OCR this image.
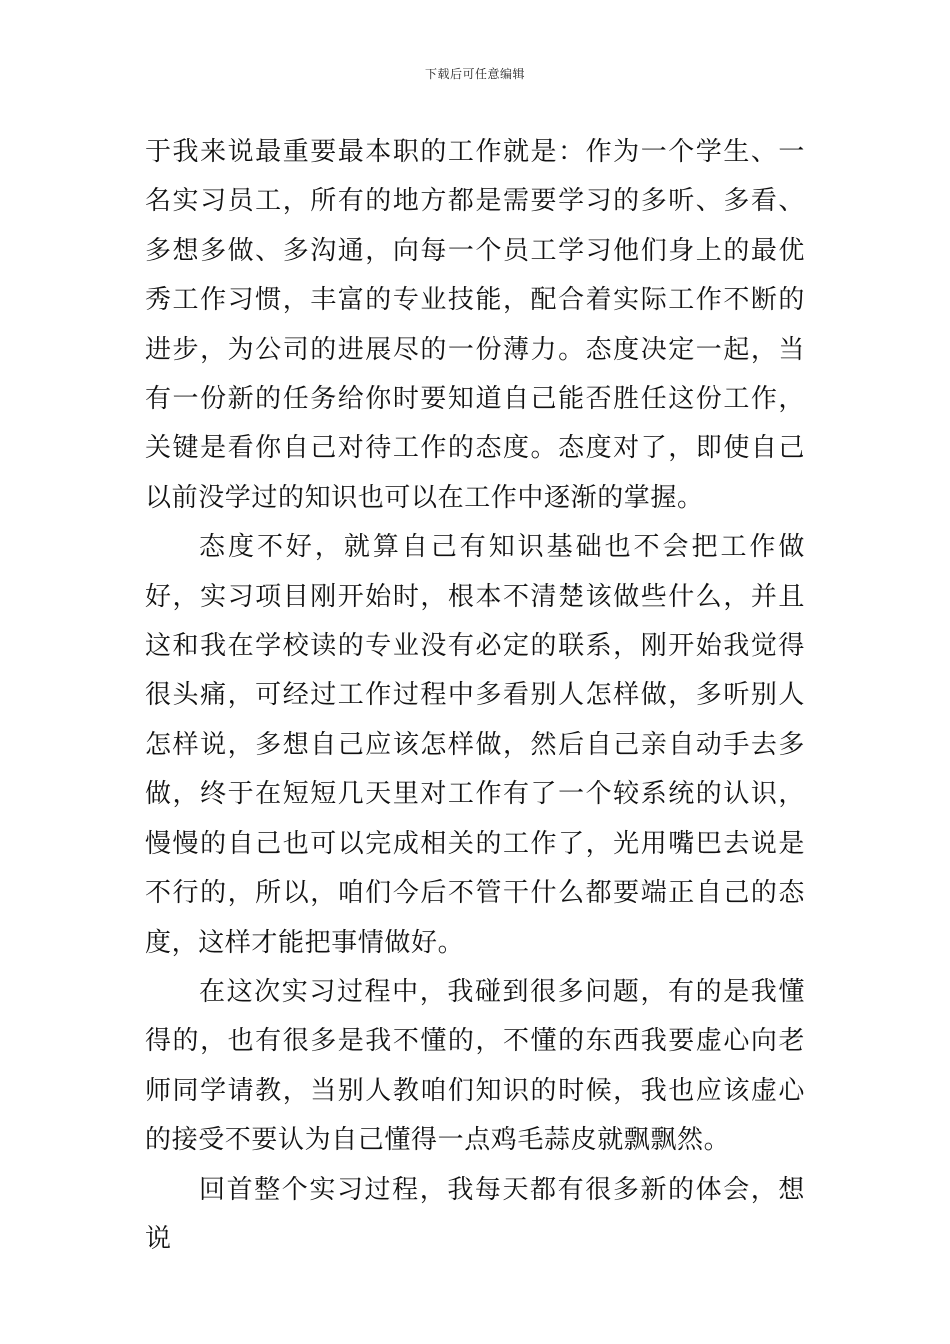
下载后可任意编辑

于我来说最重要最本职的工作就是：作为一个学生、一名实习员工，所有的地方都是需要学习的多听、多看、多想多做、多沟通，向每一个员工学习他们身上的最优秀工作习惯，丰富的专业技能，配合着实际工作不断的进步，为公司的进展尽的一份薄力。态度决定一起，当有一份新的任务给你时要知道自己能否胜任这份工作，关键是看你自己对待工作的态度。态度对了，即使自己以前没学过的知识也可以在工作中逐渐的掌握。

态度不好，就算自己有知识基础也不会把工作做好，实习项目刚开始时，根本不清楚该做些什么，并且这和我在学校读的专业没有必定的联系，刚开始我觉得很头痛，可经过工作过程中多看别人怎样做，多听别人怎样说，多想自己应该怎样做，然后自己亲自动手去多做，终于在短短几天里对工作有了一个较系统的认识，慢慢的自己也可以完成相关的工作了，光用嘴巴去说是不行的，所以，咱们今后不管干什么都要端正自己的态度，这样才能把事情做好。

在这次实习过程中，我碰到很多问题，有的是我懂得的，也有很多是我不懂的，不懂的东西我要虚心向老师同学请教，当别人教咱们知识的时候，我也应该虚心的接受不要认为自己懂得一点鸡毛蒜皮就飘飘然。

回首整个实习过程，我每天都有很多新的体会，想说
